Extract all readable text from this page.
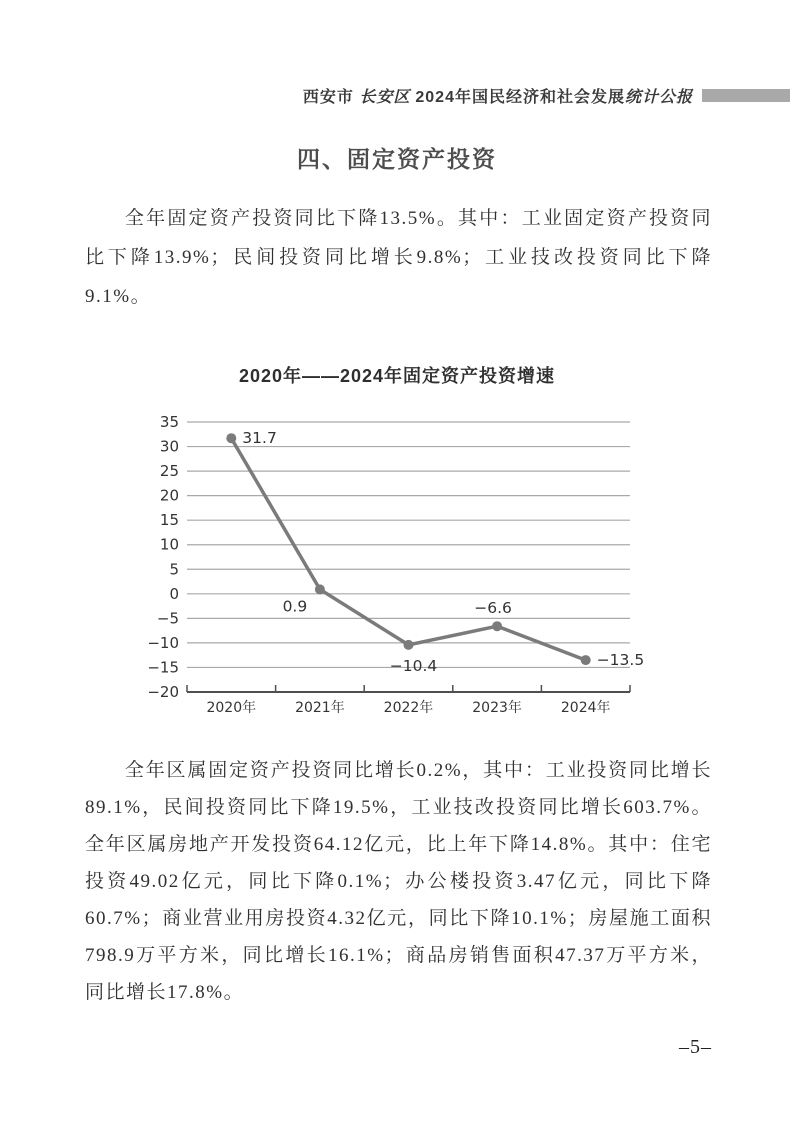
西安市 长安区 2024年国民经济和社会发展统计公报
四、固定资产投资

全年固定资产投资同比下降13.5%。其中：工业固定资产投资同比下降13.9%；民间投资同比增长9.8%；工业技改投资同比下降9.1%。

2020年——2024年固定资产投资增速
35
30
25
20
15
10
5
0
−5
−10
−15
−20
2020年	2021年	2022年	2023年	2024年
31.7
0.9
−10.4
−6.6
−13.5

全年区属固定资产投资同比增长0.2%，其中：工业投资同比增长89.1%，民间投资同比下降19.5%，工业技改投资同比增长603.7%。全年区属房地产开发投资64.12亿元，比上年下降14.8%。其中：住宅投资49.02亿元，同比下降0.1%；办公楼投资3.47亿元，同比下降60.7%；商业营业用房投资4.32亿元，同比下降10.1%；房屋施工面积798.9万平方米，同比增长16.1%；商品房销售面积47.37万平方米，同比增长17.8%。

–5–
